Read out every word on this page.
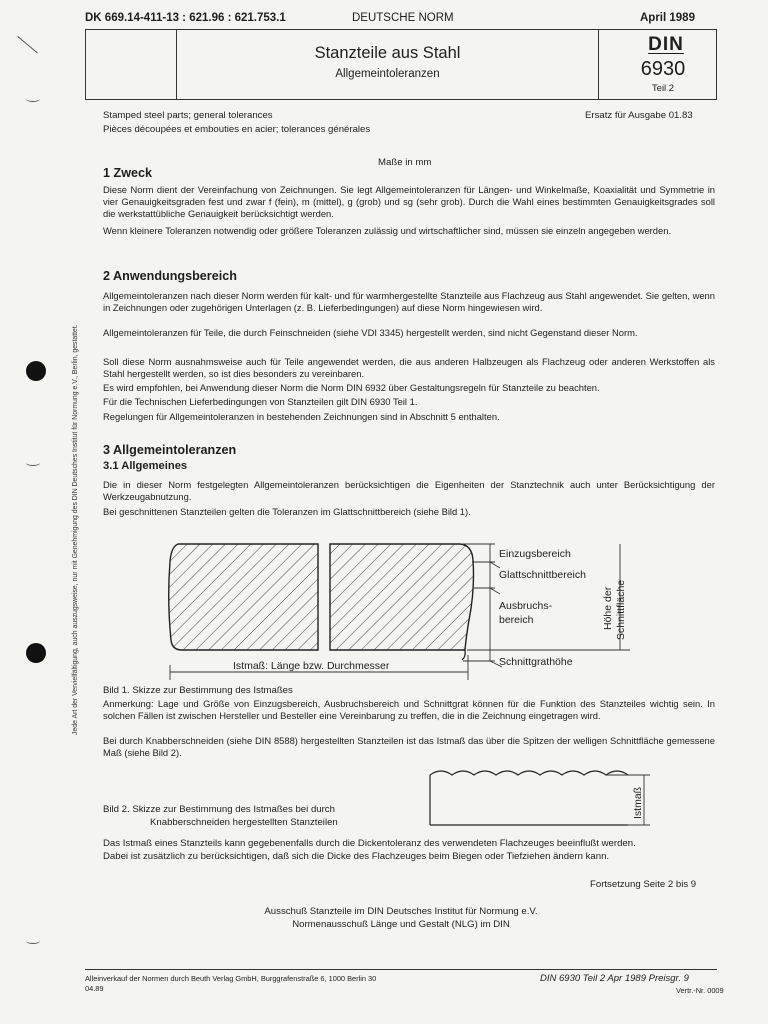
Jede Art der Vervielfältigung, auch auszugsweise, nur mit Genehmigung des DIN Deutsches Institut für Normung e.V., Berlin, gestattet.
DK 669.14-411-13 : 621.96 : 621.753.1	DEUTSCHE NORM	April 1989
Stanzteile aus Stahl
Allgemeintoleranzen
DIN
6930
Teil 2
Stamped steel parts; general tolerances
Pièces découpées et embouties en acier; tolerances générales
Ersatz für Ausgabe 01.83
Maße in mm
1 Zweck
Diese Norm dient der Vereinfachung von Zeichnungen. Sie legt Allgemeintoleranzen für Längen- und Winkelmaße, Koaxialität und Symmetrie in vier Genauigkeitsgraden fest und zwar f (fein), m (mittel), g (grob) und sg (sehr grob). Durch die Wahl eines bestimmten Genauigkeitsgrades soll die werkstattübliche Genauigkeit berücksichtigt werden.
Wenn kleinere Toleranzen notwendig oder größere Toleranzen zulässig und wirtschaftlicher sind, müssen sie einzeln angegeben werden.
2 Anwendungsbereich
Allgemeintoleranzen nach dieser Norm werden für kalt- und für warmhergestellte Stanzteile aus Flachzeug aus Stahl angewendet. Sie gelten, wenn in Zeichnungen oder zugehörigen Unterlagen (z. B. Lieferbedingungen) auf diese Norm hingewiesen wird.
Allgemeintoleranzen für Teile, die durch Feinschneiden (siehe VDI 3345) hergestellt werden, sind nicht Gegenstand dieser Norm.
Soll diese Norm ausnahmsweise auch für Teile angewendet werden, die aus anderen Halbzeugen als Flachzeug oder anderen Werkstoffen als Stahl hergestellt werden, so ist dies besonders zu vereinbaren.
Es wird empfohlen, bei Anwendung dieser Norm die Norm DIN 6932 über Gestaltungsregeln für Stanzteile zu beachten.
Für die Technischen Lieferbedingungen von Stanzteilen gilt DIN 6930 Teil 1.
Regelungen für Allgemeintoleranzen in bestehenden Zeichnungen sind in Abschnitt 5 enthalten.
3 Allgemeintoleranzen
3.1 Allgemeines
Die in dieser Norm festgelegten Allgemeintoleranzen berücksichtigen die Eigenheiten der Stanztechnik auch unter Berücksichtigung der Werkzeugabnutzung.
Bei geschnittenen Stanzteilen gelten die Toleranzen im Glattschnittbereich (siehe Bild 1).
Einzugsbereich
Glattschnittbereich
Ausbruchs-
bereich
Schnittgrathöhe
Istmaß: Länge bzw. Durchmesser
Höhe der Schnittfläche
Bild 1. Skizze zur Bestimmung des Istmaßes
Anmerkung: Lage und Größe von Einzugsbereich, Ausbruchsbereich und Schnittgrat können für die Funktion des Stanzteiles wichtig sein. In solchen Fällen ist zwischen Hersteller und Besteller eine Vereinbarung zu treffen, die in die Zeichnung eingetragen wird.
Bei durch Knabberschneiden (siehe DIN 8588) hergestellten Stanzteilen ist das Istmaß das über die Spitzen der welligen Schnittfläche gemessene Maß (siehe Bild 2).
Istmaß
Bild 2. Skizze zur Bestimmung des Istmaßes bei durch
Knabberschneiden hergestellten Stanzteilen
Das Istmaß eines Stanzteils kann gegebenenfalls durch die Dickentoleranz des verwendeten Flachzeuges beeinflußt werden.
Dabei ist zusätzlich zu berücksichtigen, daß sich die Dicke des Flachzeuges beim Biegen oder Tiefziehen ändern kann.
Fortsetzung Seite 2 bis 9
Ausschuß Stanzteile im DIN Deutsches Institut für Normung e.V.
Normenausschuß Länge und Gestalt (NLG) im DIN
Alleinverkauf der Normen durch Beuth Verlag GmbH, Burggrafenstraße 6, 1000 Berlin 30
04.89
DIN 6930 Teil 2 Apr 1989 Preisgr. 9
Vertr.-Nr. 0009
